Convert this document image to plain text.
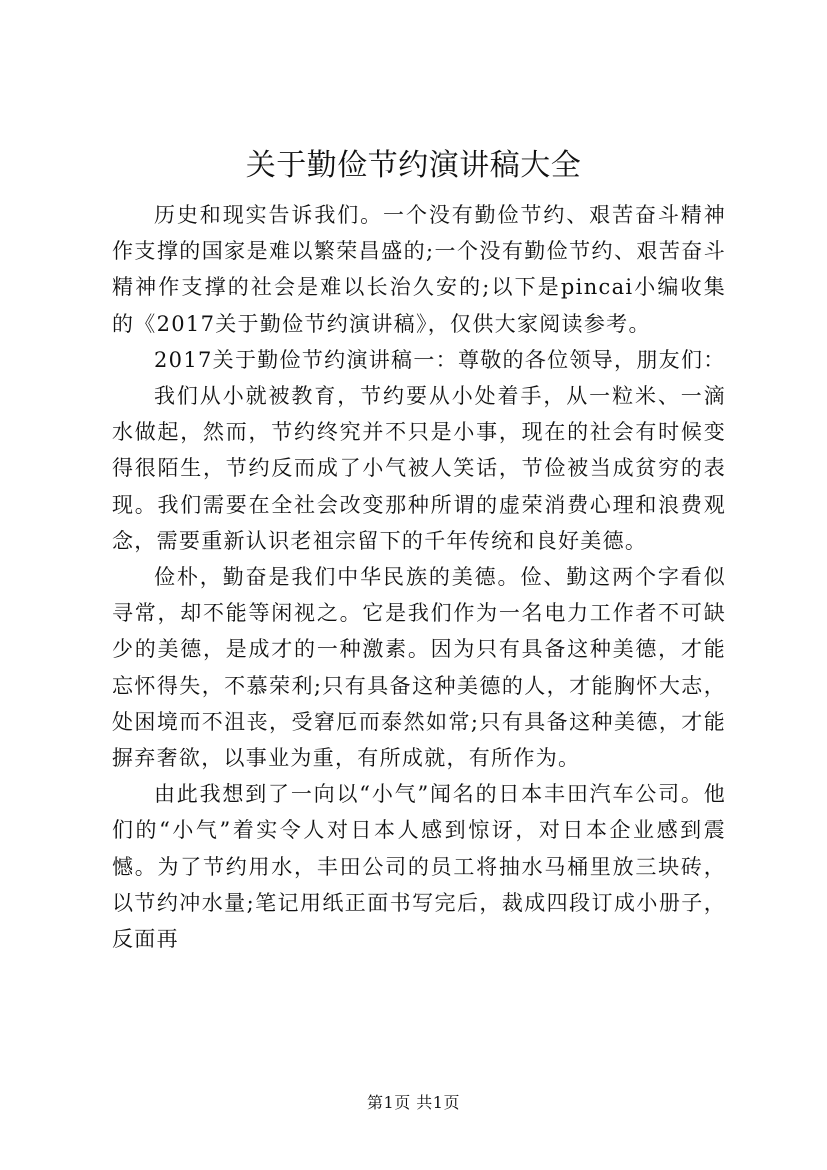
关于勤俭节约演讲稿大全

历史和现实告诉我们。一个没有勤俭节约、艰苦奋斗精神作支撑的国家是难以繁荣昌盛的;一个没有勤俭节约、艰苦奋斗精神作支撑的社会是难以长治久安的;以下是pincai小编收集的《2017关于勤俭节约演讲稿》，仅供大家阅读参考。

2017关于勤俭节约演讲稿一：尊敬的各位领导，朋友们：

我们从小就被教育，节约要从小处着手，从一粒米、一滴水做起，然而，节约终究并不只是小事，现在的社会有时候变得很陌生，节约反而成了小气被人笑话，节俭被当成贫穷的表现。我们需要在全社会改变那种所谓的虚荣消费心理和浪费观念，需要重新认识老祖宗留下的千年传统和良好美德。

俭朴，勤奋是我们中华民族的美德。俭、勤这两个字看似寻常，却不能等闲视之。它是我们作为一名电力工作者不可缺少的美德，是成才的一种激素。因为只有具备这种美德，才能忘怀得失，不慕荣利;只有具备这种美德的人，才能胸怀大志，处困境而不沮丧，受窘厄而泰然如常;只有具备这种美德，才能摒弃奢欲，以事业为重，有所成就，有所作为。

由此我想到了一向以“小气”闻名的日本丰田汽车公司。他们的“小气”着实令人对日本人感到惊讶，对日本企业感到震憾。为了节约用水，丰田公司的员工将抽水马桶里放三块砖，以节约冲水量;笔记用纸正面书写完后，裁成四段订成小册子，反面再

第1页 共1页
